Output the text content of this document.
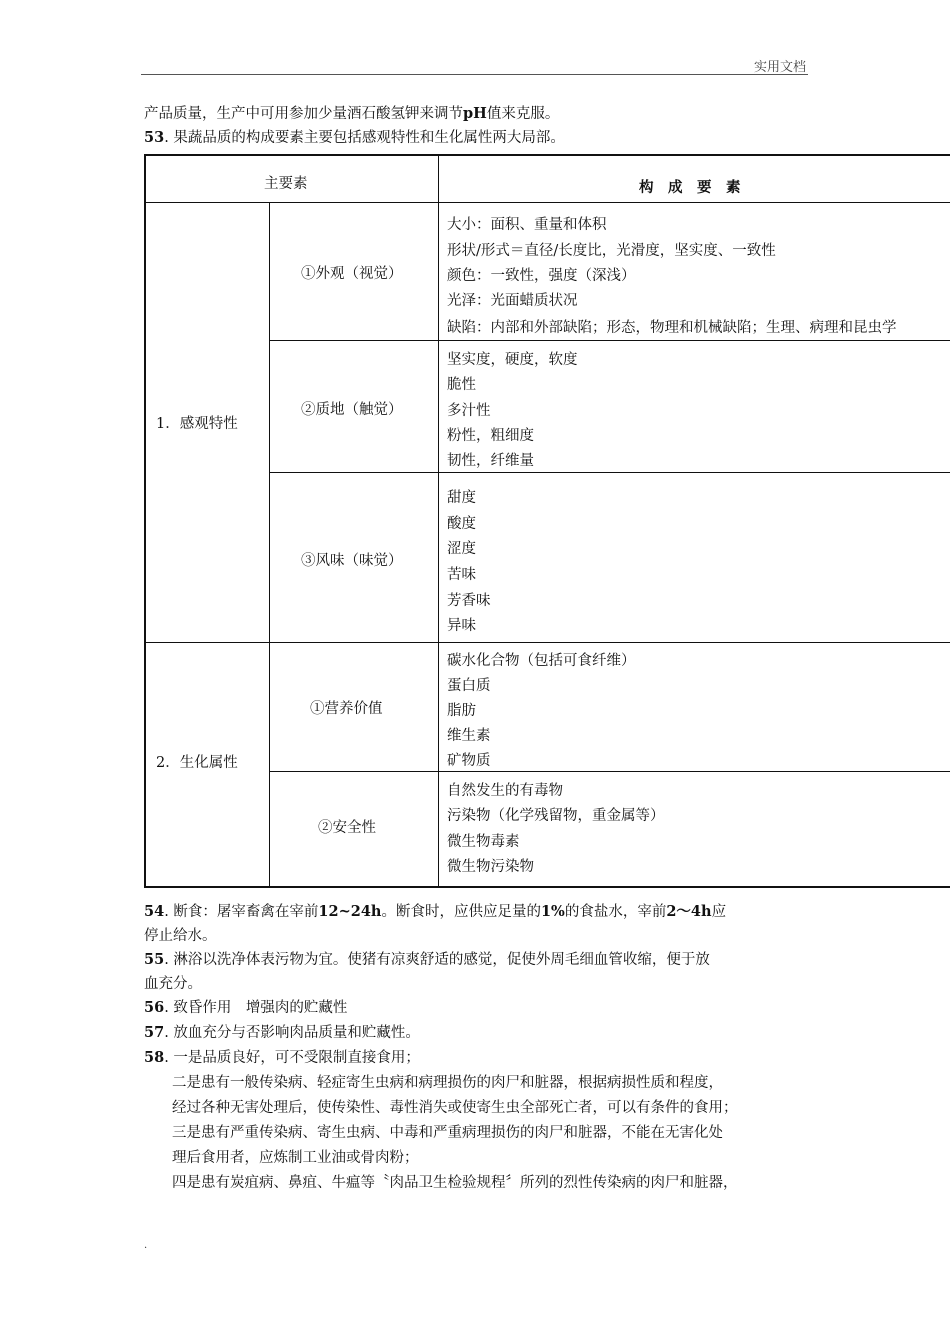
实用文档
产品质量，生产中可用参加少量酒石酸氢钾来调节pH值来克服。
53. 果蔬品质的构成要素主要包括感观特性和生化属性两大局部。
主要素	构　成　要　素
1．感观特性
2．生化属性
①外观（视觉）
②质地（触觉）
③风味（味觉）
①营养价值
②安全性
大小：面积、重量和体积
形状/形式＝直径/长度比，光滑度，坚实度、一致性
颜色：一致性，强度（深浅）
光泽：光面蜡质状况
缺陷：内部和外部缺陷；形态，物理和机械缺陷；生理、病理和昆虫学
坚实度，硬度，软度
脆性
多汁性
粉性，粗细度
韧性，纤维量
甜度
酸度
涩度
苦味
芳香味
异味
碳水化合物（包括可食纤维）
蛋白质
脂肪
维生素
矿物质
自然发生的有毒物
污染物（化学残留物，重金属等）
微生物毒素
微生物污染物
54. 断食：屠宰畜禽在宰前12~24h。断食时，应供应足量的1%的食盐水，宰前2～4h应
停止给水。
55. 淋浴以洗净体表污物为宜。使猪有凉爽舒适的感觉，促使外周毛细血管收缩，便于放
血充分。
56. 致昏作用　增强肉的贮藏性
57. 放血充分与否影响肉品质量和贮藏性。
58. 一是品质良好，可不受限制直接食用；
二是患有一般传染病、轻症寄生虫病和病理损伤的肉尸和脏器，根据病损性质和程度，
经过各种无害处理后，使传染性、毒性消失或使寄生虫全部死亡者，可以有条件的食用；
三是患有严重传染病、寄生虫病、中毒和严重病理损伤的肉尸和脏器，不能在无害化处
理后食用者，应炼制工业油或骨肉粉；
四是患有炭疽病、鼻疽、牛瘟等〝肉品卫生检验规程〞所列的烈性传染病的肉尸和脏器，
.
